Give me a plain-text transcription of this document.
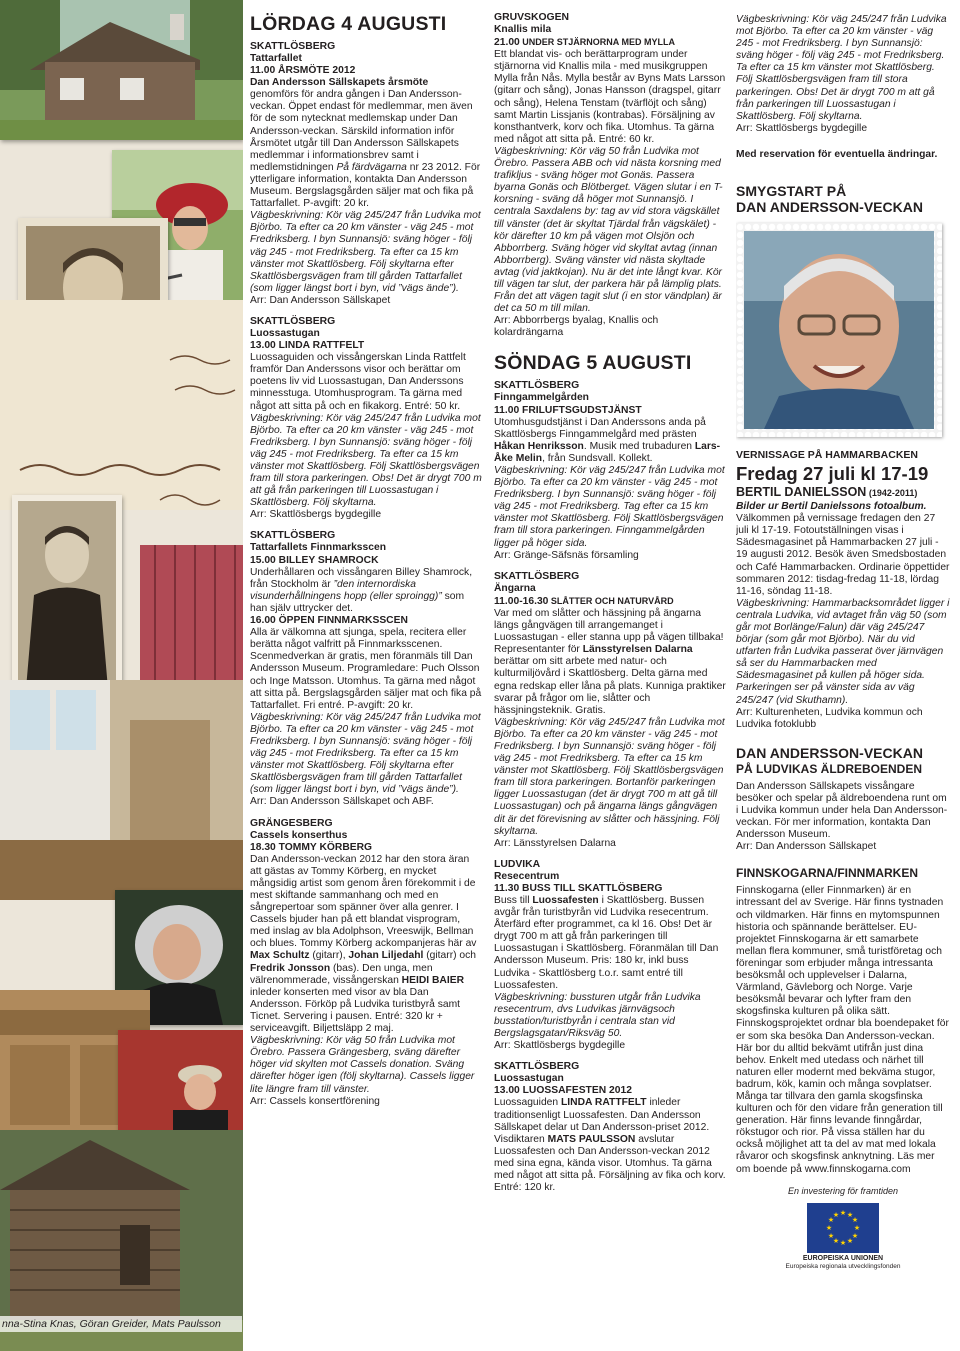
nna-Stina Knas, Göran Greider, Mats Paulsson
LÖRDAG 4 AUGUSTI
SKATTLÖSBERG
Tattarfallet
11.00 ÅRSMÖTE 2012
Dan Andersson Sällskapets årsmöte

genomförs för andra gången i Dan Andersson-veckan. Öppet endast för medlemmar, men även för de som nytecknat medlemskap under Dan Andersson-veckan. Särskild information inför Årsmötet utgår till Dan Andersson Sällskapets medlemmar i informationsbrev samt i medlemstidningen På färdvägarna nr 23 2012. För ytterligare information, kontakta Dan Andersson Museum. Bergslagsgården säljer mat och fika på Tattarfallet. P-avgift: 20 kr.

Vägbeskrivning: Kör väg 245/247 från Ludvika mot Björbo. Ta efter ca 20 km vänster - väg 245 - mot Fredriksberg. I byn Sunnansjö: sväng höger - följ väg 245 - mot Fredriksberg. Ta efter ca 15 km vänster mot Skattlösberg. Följ skyltarna efter Skattlösbergsvägen fram till gården Tattarfallet (som ligger längst bort i byn, vid ”vägs ände”).

Arr: Dan Andersson Sällskapet

SKATTLÖSBERG
Luossastugan
13.00 LINDA RATTFELT

Luossaguiden och vissångerskan Linda Rattfelt framför Dan Anderssons visor och berättar om poetens liv vid Luossastugan, Dan Anderssons minnesstuga. Utomhusprogram. Ta gärna med något att sitta på och en fikakorg. Entré: 50 kr.

Vägbeskrivning: Kör väg 245/247 från Ludvika mot Björbo. Ta efter ca 20 km vänster - väg 245 - mot Fredriksberg. I byn Sunnansjö: sväng höger - följ väg 245 - mot Fredriksberg. Ta efter ca 15 km vänster mot Skattlösberg. Följ Skattlösbergsvägen fram till stora parkeringen. Obs! Det är drygt 700 m att gå från parkeringen till Luossastugan i Skattlösberg. Följ skyltarna.

Arr: Skattlösbergs bygdegille

SKATTLÖSBERG
Tattarfallets Finnmarksscen
15.00 BILLEY SHAMROCK

Underhållaren och vissångaren Billey Shamrock, från Stockholm är ”den internordiska visunderhållningens hopp (eller sproingg)” som han själv uttrycker det.

16.00 ÖPPEN FINNMARKSSCEN

Alla är välkomna att sjunga, spela, recitera eller berätta något valfritt på Finnmarksscenen. Scenmedverkan är gratis, men föranmäls till Dan Andersson Museum. Programledare: Puch Olsson och Inge Matsson. Utomhus. Ta gärna med något att sitta på. Bergslagsgården säljer mat och fika på Tattarfallet. Fri entré. P-avgift: 20 kr.

Vägbeskrivning: Kör väg 245/247 från Ludvika mot Björbo. Ta efter ca 20 km vänster - väg 245 - mot Fredriksberg. I byn Sunnansjö: sväng höger - följ väg 245 - mot Fredriksberg. Ta efter ca 15 km vänster mot Skattlösberg. Följ skyltarna efter Skattlösbergsvägen fram till gården Tattarfallet (som ligger längst bort i byn, vid ”vägs ände”).

Arr: Dan Andersson Sällskapet och ABF.

GRÄNGESBERG
Cassels konserthus
18.30 TOMMY KÖRBERG

Dan Andersson-veckan 2012 har den stora äran att gästas av Tommy Körberg, en mycket mångsidig artist som genom åren förekommit i de mest skiftande sammanhang och med en sångrepertoar som spänner över alla genrer. I Cassels bjuder han på ett blandat visprogram, med inslag av bla Adolphson, Vreeswijk, Bellman och blues. Tommy Körberg ackompanjeras här av Max Schultz (gitarr), Johan Liljedahl (gitarr) och Fredrik Jonsson (bas). Den unga, men välrenommerade, vissångerskan HEIDI BAIER inleder konserten med visor av bla Dan Andersson. Förköp på Ludvika turistbyrå samt Ticnet. Servering i pausen. Entré: 320 kr + serviceavgift. Biljettsläpp 2 maj.

Vägbeskrivning: Kör väg 50 från Ludvika mot Örebro. Passera Grängesberg, sväng därefter höger vid skylten mot Cassels donation. Sväng därefter höger igen (följ skyltarna). Cassels ligger lite längre fram till vänster.

Arr: Cassels konsertförening

GRUVSKOGEN
Knallis mila
21.00 UNDER STJÄRNORNA MED MYLLA

Ett blandat vis- och berättarprogram under stjärnorna vid Knallis mila - med musikgruppen Mylla från Nås. Mylla består av Byns Mats Larsson (gitarr och sång), Jonas Hansson (dragspel, gitarr och sång), Helena Tenstam (tvärflöjt och sång) samt Martin Lissjanis (kontrabas). Försäljning av konsthantverk, korv och fika. Utomhus. Ta gärna med något att sitta på. Entré: 60 kr.

Vägbeskrivning: Kör väg 50 från Ludvika mot Örebro. Passera ABB och vid nästa korsning med trafikljus - sväng höger mot Gonäs. Passera byarna Gonäs och Blötberget. Vägen slutar i en T-korsning - sväng då höger mot Sunnansjö. I centrala Saxdalens by: tag av vid stora vägskället till vänster (det är skyltat Tjärdal från vägskälet) - kör därefter 10 km på vägen mot Olsjön och Abborrberg. Sväng höger vid skyltat avtag (innan Abborrberg). Sväng vänster vid nästa skyltade avtag (vid jaktkojan). Nu är det inte långt kvar. Kör till vägen tar slut, der parkera här på lämplig plats. Från det att vägen tagit slut (i en stor vändplan) är det ca 50 m till milan.

Arr: Abborrbergs byalag, Knallis och kolardrängarna

SÖNDAG 5 AUGUSTI
SKATTLÖSBERG
Finngammelgården
11.00 FRILUFTSGUDSTJÄNST

Utomhusgudstjänst i Dan Anderssons anda på Skattlösbergs Finngammelgård med prästen Håkan Henriksson. Musik med trubaduren Lars-Åke Melin, från Sundsvall. Kollekt.

Vägbeskrivning: Kör väg 245/247 från Ludvika mot Björbo. Ta efter ca 20 km vänster - väg 245 - mot Fredriksberg. I byn Sunnansjö: sväng höger - följ väg 245 - mot Fredriksberg. Tag efter ca 15 km vänster mot Skattlösberg. Följ Skattlösbergsvägen fram till stora parkeringen. Finngammelgården ligger på höger sida.

Arr: Gränge-Säfsnäs församling

SKATTLÖSBERG
Ängarna
11.00-16.30 SLÅTTER OCH NATURVÅRD

Var med om slåtter och hässjning på ängarna längs gångvägen till arrangemanget i Luossastugan - eller stanna upp på vägen tillbaka! Representanter för Länsstyrelsen Dalarna berättar om sitt arbete med natur- och kulturmiljövård i Skattlösberg. Delta gärna med egna redskap eller låna på plats. Kunniga praktiker svarar på frågor om lie, slåtter och hässjningsteknik. Gratis.

Vägbeskrivning: Kör väg 245/247 från Ludvika mot Björbo. Ta efter ca 20 km vänster - väg 245 - mot Fredriksberg. I byn Sunnansjö: sväng höger - följ väg 245 - mot Fredriksberg. Ta efter ca 15 km vänster mot Skattlösberg. Följ Skattlösbergsvägen fram till stora parkeringen. Bortanför parkeringen ligger Luossastugan (det är drygt 700 m att gå till Luossastugan) och på ängarna längs gångvägen dit är det förevisning av slåtter och hässjning. Följ skyltarna.

Arr: Länsstyrelsen Dalarna

LUDVIKA
Resecentrum
11.30 BUSS TILL SKATTLÖSBERG

Buss till Luossafesten i Skattlösberg. Bussen avgår från turistbyrån vid Ludvika resecentrum. Återfärd efter programmet, ca kl 16. Obs! Det är drygt 700 m att gå från parkeringen till Luossastugan i Skattlösberg. Föranmälan till Dan Andersson Museum. Pris: 180 kr, inkl buss Ludvika - Skattlösberg t.o.r. samt entré till Luossafesten.

Vägbeskrivning: bussturen utgår från Ludvika resecentrum, dvs Ludvikas järnvägsoch busstation/turistbyrån i centrala stan vid Bergslagsgatan/Riksväg 50.

Arr: Skattlösbergs bygdegille

SKATTLÖSBERG
Luossastugan
13.00 LUOSSAFESTEN 2012

Luossaguiden LINDA RATTFELT inleder traditionsenligt Luossafesten. Dan Andersson Sällskapet delar ut Dan Andersson-priset 2012. Visdiktaren MATS PAULSSON avslutar Luossafesten och Dan Andersson-veckan 2012 med sina egna, kända visor. Utomhus. Ta gärna med något att sitta på. Försäljning av fika och korv. Entré: 120 kr.

Vägbeskrivning: Kör väg 245/247 från Ludvika mot Björbo. Ta efter ca 20 km vänster - väg 245 - mot Fredriksberg. I byn Sunnansjö: sväng höger - följ väg 245 - mot Fredriksberg. Ta efter ca 15 km vänster mot Skattlösberg. Följ Skattlösbergsvägen fram till stora parkeringen. Obs! Det är drygt 700 m att gå från parkeringen till Luossastugan i Skattlösberg. Följ skyltarna.

Arr: Skattlösbergs bygdegille

Med reservation för eventuella ändringar.

SMYGSTART PÅ
DAN ANDERSSON-VECKAN
VERNISSAGE PÅ HAMMARBACKEN
Fredag 27 juli kl 17-19
BERTIL DANIELSSON (1942-2011)

Bilder ur Bertil Danielssons fotoalbum.

Välkommen på vernissage fredagen den 27 juli kl 17-19. Fotoutställningen visas i Sädesmagasinet på Hammarbacken 27 juli - 19 augusti 2012. Besök även Smedsbostaden och Café Hammarbacken. Ordinarie öppettider sommaren 2012: tisdag-fredag 11-18, lördag 11-16, söndag 11-18.

Vägbeskrivning: Hammarbacksområdet ligger i centrala Ludvika, vid avtaget från väg 50 (som går mot Borlänge/Falun) där väg 245/247 börjar (som går mot Björbo). När du vid utfarten från Ludvika passerat över järnvägen så ser du Hammarbacken med Sädesmagasinet på kullen på höger sida. Parkeringen ser på vänster sida av väg 245/247 (vid Skuthamn).

Arr: Kulturenheten, Ludvika kommun och Ludvika fotoklubb

DAN ANDERSSON-VECKAN
PÅ LUDVIKAS ÄLDREBOENDEN

Dan Andersson Sällskapets vissångare besöker och spelar på äldreboendena runt om i Ludvika kommun under hela Dan Andersson-veckan. För mer information, kontakta Dan Andersson Museum.

Arr: Dan Andersson Sällskapet

FINNSKOGARNA/FINNMARKEN

Finnskogarna (eller Finnmarken) är en intressant del av Sverige. Här finns tystnaden och vildmarken. Här finns en mytomspunnen historia och spännande berättelser. EU-projektet Finnskogarna är ett samarbete mellan flera kommuner, små turistföretag och föreningar som erbjuder många intressanta besöksmål och upplevelser i Dalarna, Värmland, Gävleborg och Norge. Varje besöksmål bevarar och lyfter fram den skogsfinska kulturen på olika sätt. Finnskogsprojektet ordnar bla boendepaket för er som ska besöka Dan Andersson-veckan. Här bor du alltid bekvämt utifrån just dina behov. Enkelt med utedass och närhet till naturen eller modernt med bekväma stugor, badrum, kök, kamin och många sovplatser. Många tar tillvara den gamla skogsfinska kulturen och för den vidare från generation till generation. Här finns levande finngårdar, rökstugor och rior. På vissa ställen har du också möjlighet att ta del av mat med lokala råvaror och skogsfinsk anknytning. Läs mer om boende på www.finnskogarna.com

En investering för framtiden
★ ★
★
★
★
★
★
★
★
★
★
★
EUROPEISKA UNIONEN
Europeiska regionala utvecklingsfonden
